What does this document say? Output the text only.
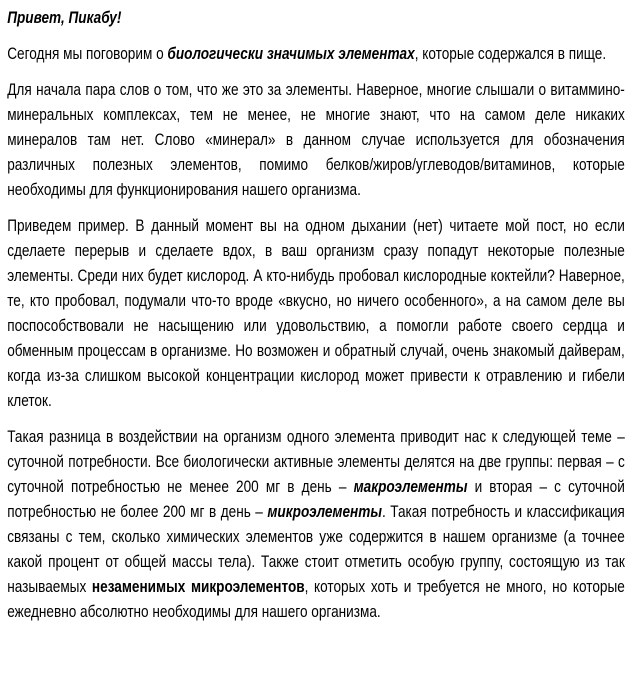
Привет, Пикабу!

Сегодня мы поговорим о биологически значимых элементах, которые содержался в пище.

Для начала пара слов о том, что же это за элементы. Наверное, многие слышали о витаммино-минеральных комплексах, тем не менее, не многие знают, что на самом деле никаких минералов там нет. Слово «минерал» в данном случае используется для обозначения различных полезных элементов, помимо белков/жиров/углеводов/витаминов, которые необходимы для функционирования нашего организма.

Приведем пример. В данный момент вы на одном дыхании (нет) читаете мой пост, но если сделаете перерыв и сделаете вдох, в ваш организм сразу попадут некоторые полезные элементы. Среди них будет кислород. А кто-нибудь пробовал кислородные коктейли? Наверное, те, кто пробовал, подумали что-то вроде «вкусно, но ничего особенного», а на самом деле вы поспособствовали не насыщению или удовольствию, а помогли работе своего сердца и обменным процессам в организме. Но возможен и обратный случай, очень знакомый дайверам, когда из-за слишком высокой концентрации кислород может привести к отравлению и гибели клеток.

Такая разница в воздействии на организм одного элемента приводит нас к следующей теме – суточной потребности. Все биологически активные элементы делятся на две группы: первая – с суточной потребностью не менее 200 мг в день – макроэлементы и вторая – с суточной потребностью не более 200 мг в день – микроэлементы. Такая потребность и классификация связаны с тем, сколько химических элементов уже содержится в нашем организме (а точнее какой процент от общей массы тела). Также стоит отметить особую группу, состоящую из так называемых незаменимых микроэлементов, которых хоть и требуется не много, но которые ежедневно абсолютно необходимы для нашего организма.
